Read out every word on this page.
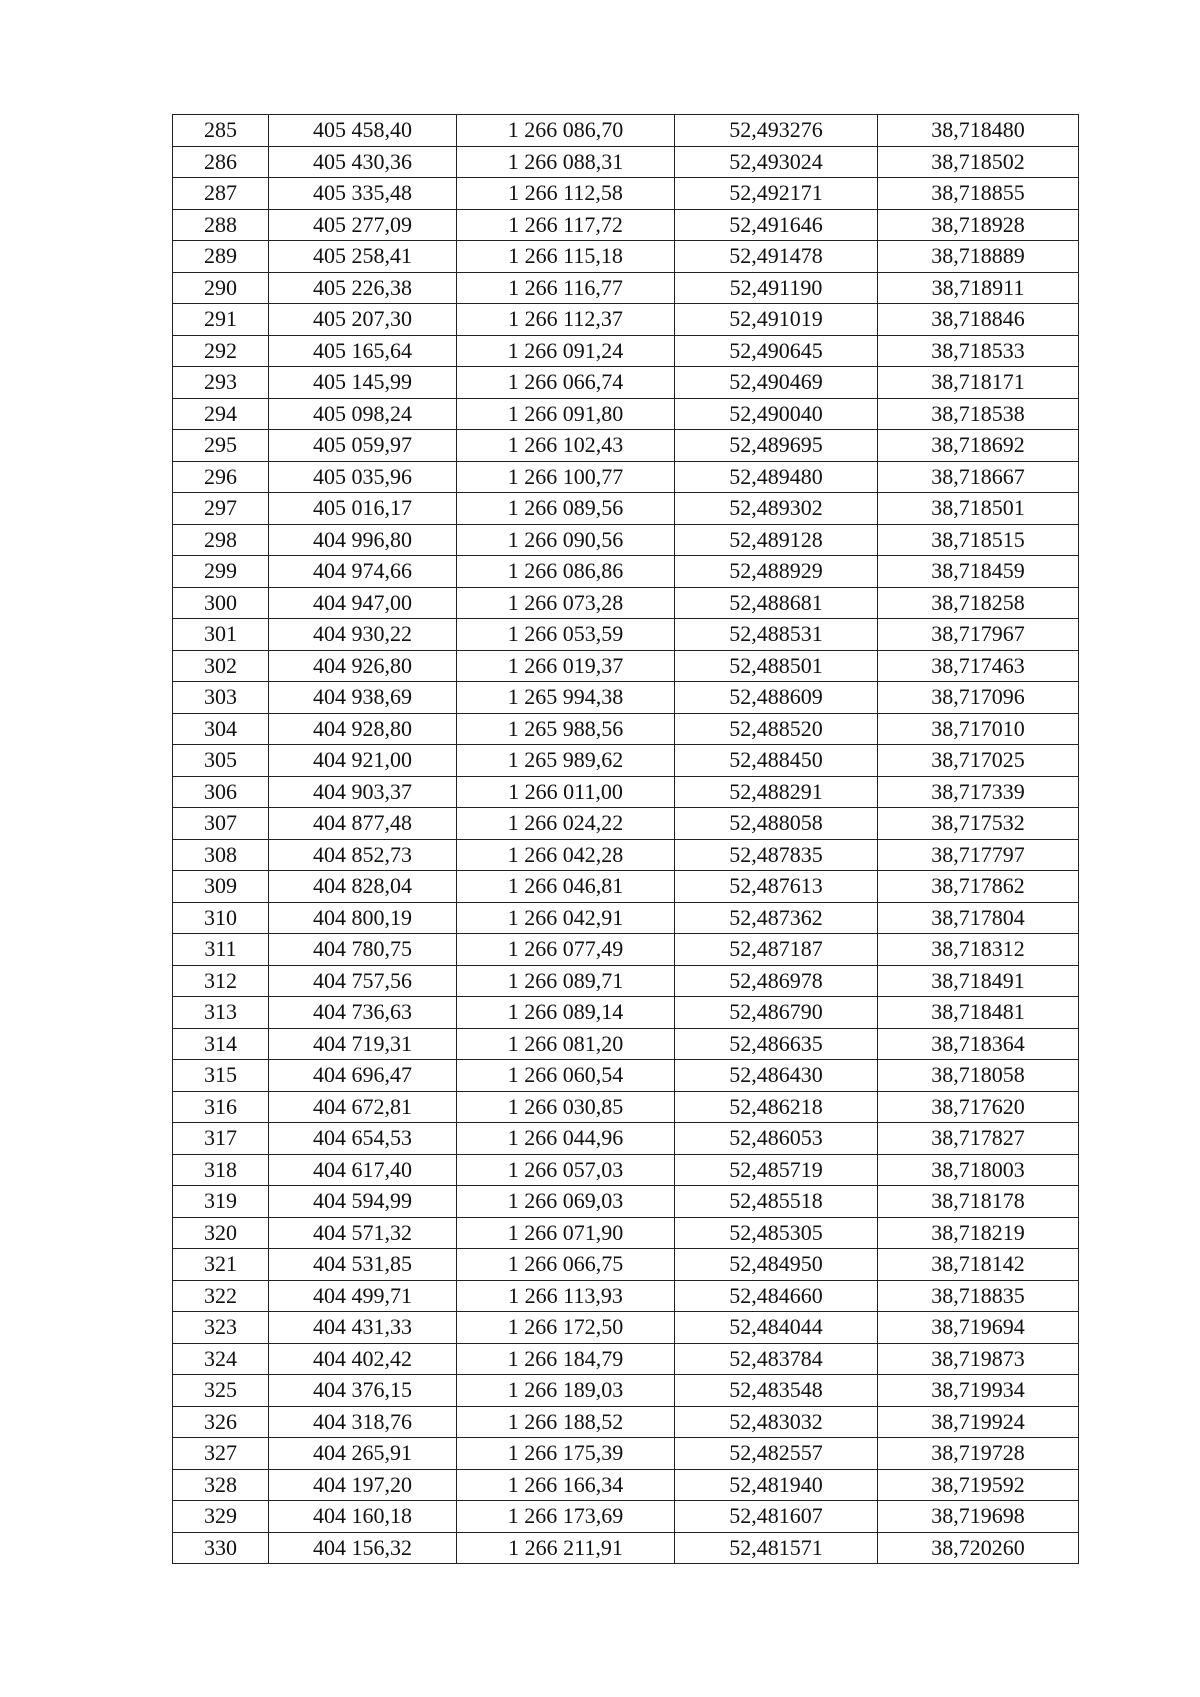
285	405 458,40	1 266 086,70	52,493276	38,718480
286	405 430,36	1 266 088,31	52,493024	38,718502
287	405 335,48	1 266 112,58	52,492171	38,718855
288	405 277,09	1 266 117,72	52,491646	38,718928
289	405 258,41	1 266 115,18	52,491478	38,718889
290	405 226,38	1 266 116,77	52,491190	38,718911
291	405 207,30	1 266 112,37	52,491019	38,718846
292	405 165,64	1 266 091,24	52,490645	38,718533
293	405 145,99	1 266 066,74	52,490469	38,718171
294	405 098,24	1 266 091,80	52,490040	38,718538
295	405 059,97	1 266 102,43	52,489695	38,718692
296	405 035,96	1 266 100,77	52,489480	38,718667
297	405 016,17	1 266 089,56	52,489302	38,718501
298	404 996,80	1 266 090,56	52,489128	38,718515
299	404 974,66	1 266 086,86	52,488929	38,718459
300	404 947,00	1 266 073,28	52,488681	38,718258
301	404 930,22	1 266 053,59	52,488531	38,717967
302	404 926,80	1 266 019,37	52,488501	38,717463
303	404 938,69	1 265 994,38	52,488609	38,717096
304	404 928,80	1 265 988,56	52,488520	38,717010
305	404 921,00	1 265 989,62	52,488450	38,717025
306	404 903,37	1 266 011,00	52,488291	38,717339
307	404 877,48	1 266 024,22	52,488058	38,717532
308	404 852,73	1 266 042,28	52,487835	38,717797
309	404 828,04	1 266 046,81	52,487613	38,717862
310	404 800,19	1 266 042,91	52,487362	38,717804
311	404 780,75	1 266 077,49	52,487187	38,718312
312	404 757,56	1 266 089,71	52,486978	38,718491
313	404 736,63	1 266 089,14	52,486790	38,718481
314	404 719,31	1 266 081,20	52,486635	38,718364
315	404 696,47	1 266 060,54	52,486430	38,718058
316	404 672,81	1 266 030,85	52,486218	38,717620
317	404 654,53	1 266 044,96	52,486053	38,717827
318	404 617,40	1 266 057,03	52,485719	38,718003
319	404 594,99	1 266 069,03	52,485518	38,718178
320	404 571,32	1 266 071,90	52,485305	38,718219
321	404 531,85	1 266 066,75	52,484950	38,718142
322	404 499,71	1 266 113,93	52,484660	38,718835
323	404 431,33	1 266 172,50	52,484044	38,719694
324	404 402,42	1 266 184,79	52,483784	38,719873
325	404 376,15	1 266 189,03	52,483548	38,719934
326	404 318,76	1 266 188,52	52,483032	38,719924
327	404 265,91	1 266 175,39	52,482557	38,719728
328	404 197,20	1 266 166,34	52,481940	38,719592
329	404 160,18	1 266 173,69	52,481607	38,719698
330	404 156,32	1 266 211,91	52,481571	38,720260
